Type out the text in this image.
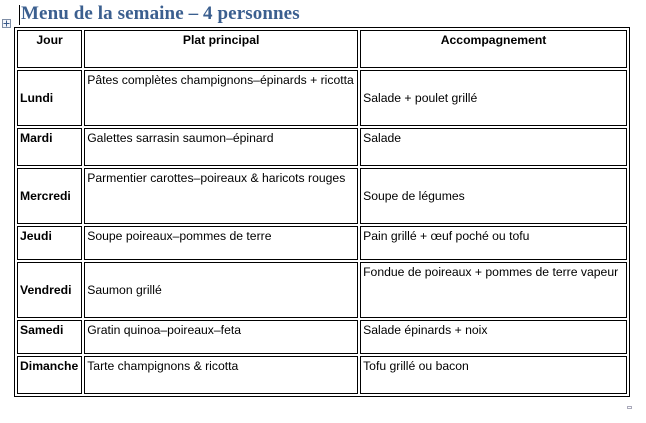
Menu de la semaine – 4 personnes
Jour	Plat principal	Accompagnement
Lundi	Pâtes complètes champignons–épinards + ricotta	Salade + poulet grillé
Mardi	Galettes sarrasin saumon–épinard	Salade
Mercredi	Parmentier carottes–poireaux & haricots rouges	Soupe de légumes
Jeudi	Soupe poireaux–pommes de terre	Pain grillé + œuf poché ou tofu
Vendredi	Saumon grillé	Fondue de poireaux + pommes de terre vapeur
Samedi	Gratin quinoa–poireaux–feta	Salade épinards + noix
Dimanche	Tarte champignons & ricotta	Tofu grillé ou bacon
